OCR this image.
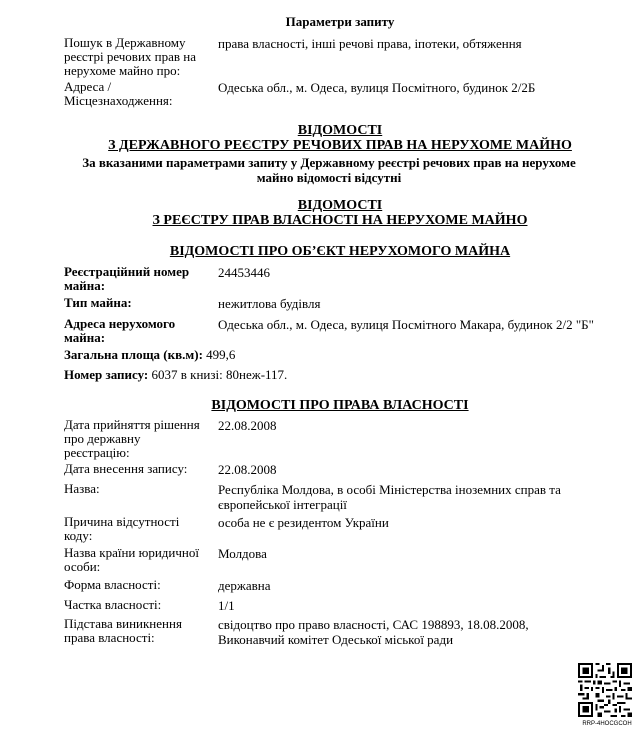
Параметри запиту
Пошук в Державному реєстрі речових прав на нерухоме майно про:
права власності, інші речові права, іпотеки, обтяження
Адреса / Місцезнаходження:
Одеська обл., м. Одеса, вулиця Посмітного, будинок 2/2Б
ВІДОМОСТІ
З ДЕРЖАВНОГО РЕЄСТРУ РЕЧОВИХ ПРАВ НА НЕРУХОМЕ МАЙНО
За вказаними параметрами запиту у Державному реєстрі речових прав на нерухоме майно відомості відсутні
ВІДОМОСТІ
З РЕЄСТРУ ПРАВ ВЛАСНОСТІ НА НЕРУХОМЕ МАЙНО
ВІДОМОСТІ ПРО ОБ’ЄКТ НЕРУХОМОГО МАЙНА
Реєстраційний номер майна:
24453446
Тип майна:	нежитлова будівля
Адреса нерухомого майна:
Одеська обл., м. Одеса, вулиця Посмітного Макара, будинок 2/2 "Б"
Загальна площа (кв.м): 499,6
Номер запису: 6037 в книзі: 80неж-117.
ВІДОМОСТІ ПРО ПРАВА ВЛАСНОСТІ
Дата прийняття рішення про державну реєстрацію:
22.08.2008
Дата внесення запису:	22.08.2008
Назва:	Республіка Молдова, в особі Міністерства іноземних справ та європейської інтеграції
Причина відсутності коду:
особа не є резидентом України
Назва країни юридичної особи:
Молдова
Форма власності:	державна
Частка власності:	1/1
Підстава виникнення права власності:
свідоцтво про право власності, САС 198893, 18.08.2008, Виконавчий комітет Одеської міської ради
RRP-4HOCGCOH
